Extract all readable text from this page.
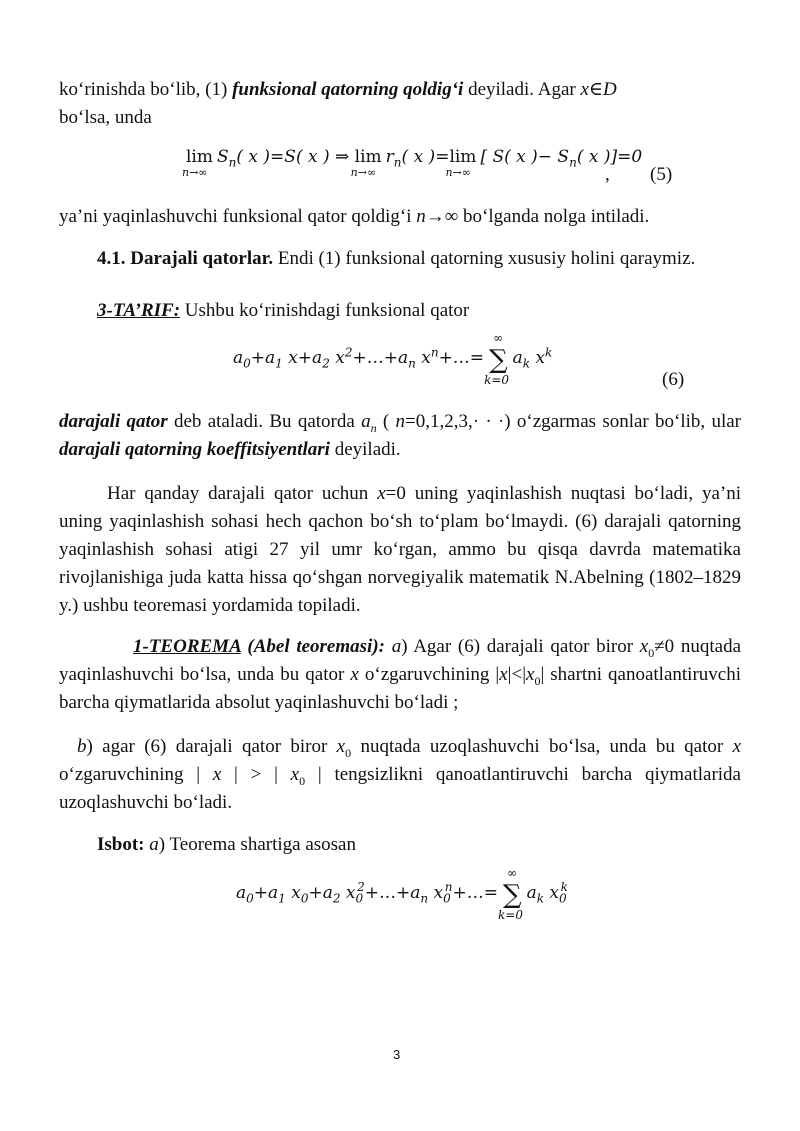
ko‘rinishda bo‘lib, (1) funksional qatorning qoldig‘i deyiladi. Agar x∈D
bo‘lsa, unda

lim
n→∞
$S_n$( x )=S( x ) ⇒ lim
n→∞
$r_n$( x )=lim
n→∞
[ S( x )− $S_n$( x )]=0
, (5)

ya’ni yaqinlashuvchi funksional qator qoldig‘i n→∞ bo‘lganda nolga intiladi.

4.1. Darajali qatorlar. Endi (1) funksional qatorning xususiy holini qaraymiz.

3-TA’RIF: Ushbu ko‘rinishdagi funksional qator

$a_0+a_1$ $x+a_2$ $x^2+\dots+a_n$ $x^n+\dots=$ ∑
∞
k=0
$a_k$ $x^k$
(6)

darajali qator deb ataladi. Bu qatorda $a_n$ ( n=0,1,2,3,· · ·) o‘zgarmas sonlar bo‘lib, ular darajali qatorning koeffitsiyentlari deyiladi.

Har qanday darajali qator uchun x=0 uning yaqinlashish nuqtasi bo‘ladi, ya’ni uning yaqinlashish sohasi hech qachon bo‘sh to‘plam bo‘lmaydi. (6) darajali qatorning yaqinlashish sohasi atigi 27 yil umr ko‘rgan, ammo bu qisqa davrda matematika rivojlanishiga juda katta hissa qo‘shgan norvegiyalik matematik N.Abelning (1802–1829 y.) ushbu teoremasi yordamida topiladi.

1-TEOREMA (Abel teoremasi): a) Agar (6) darajali qator biror $x_0\ne 0$ nuqtada yaqinlashuvchi bo‘lsa, unda bu qator x o‘zgaruvchining $|x|<|x_0|$ shartni qanoatlantiruvchi barcha qiymatlarida absolut yaqinlashuvchi bo‘ladi ;

b) agar (6) darajali qator biror $x_0$ nuqtada uzoqlashuvchi bo‘lsa, unda bu qator x o‘zgaruvchining | x | > | $x_0$ | tengsizlikni qanoatlantiruvchi barcha qiymatlarida uzoqlashuvchi bo‘ladi.

Isbot: a) Teorema shartiga asosan

$a_0+a_1$ $x_0+a_2$ $x_0^2+\dots+a_n$ $x_0^n+\dots=$ ∑
∞
k=0
$a_k$ $x_0^k$
3
